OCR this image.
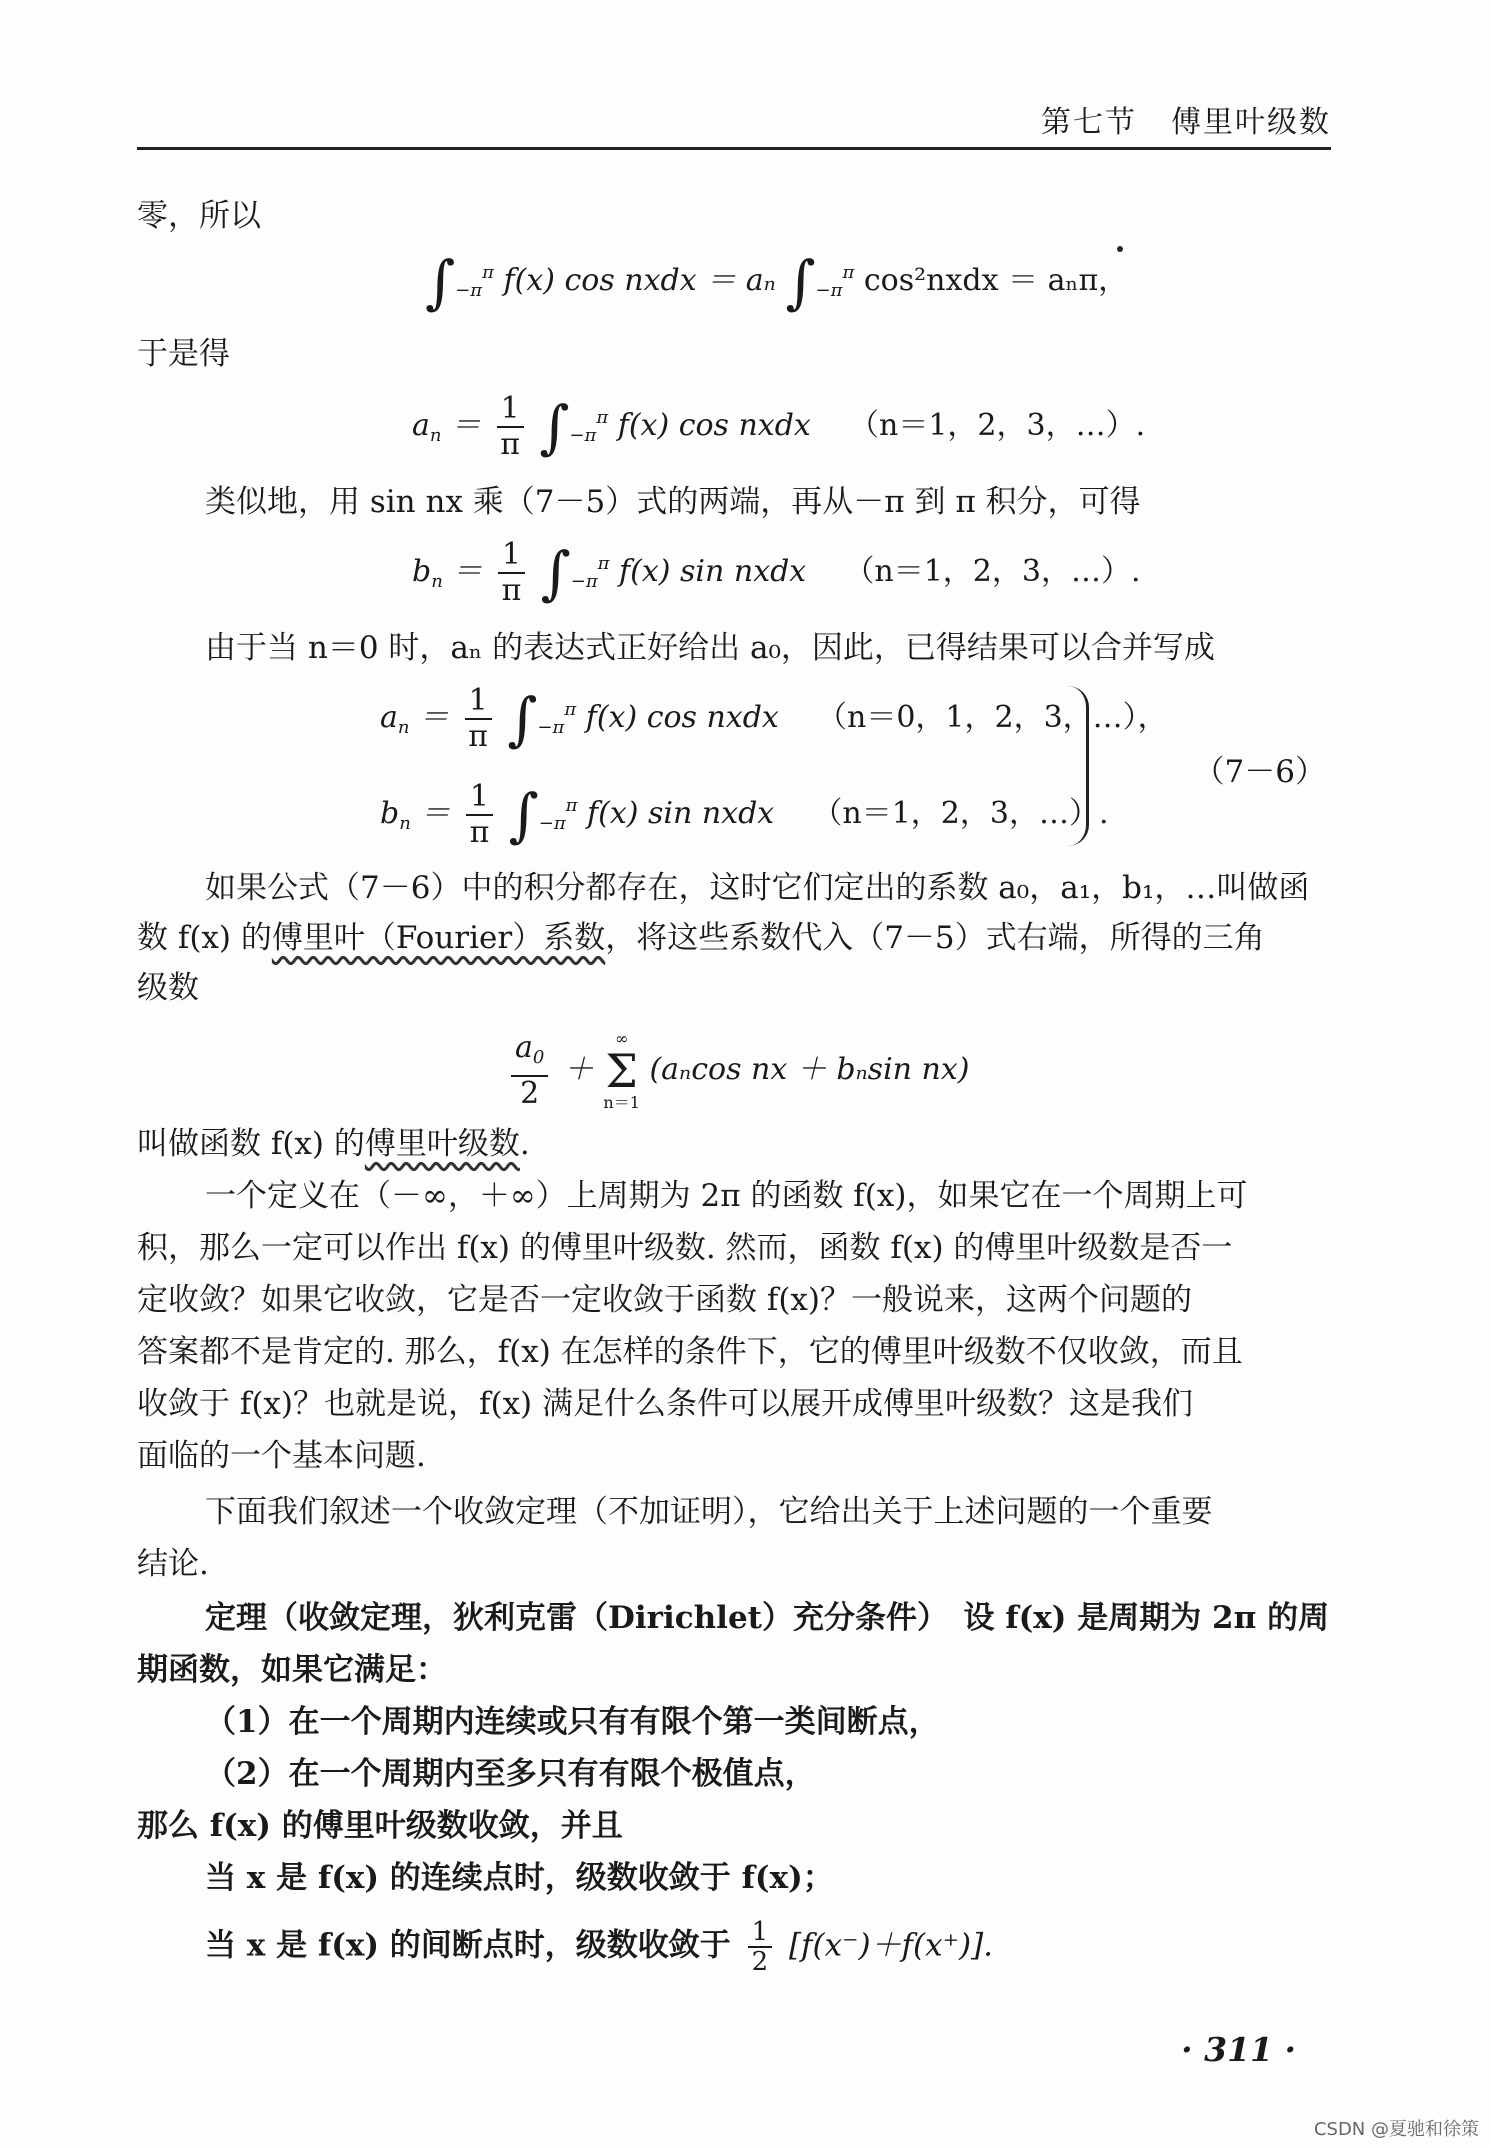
第七节 傅里叶级数
零，所以
$\int_{-\pi}^\pi$ f(x) cos nxdx ＝ aₙ $\int_{-\pi}^\pi$ cos²nxdx ＝ aₙπ，
于是得
$a_n = \frac{1}{\pi} \int_{-\pi}^\pi$ f(x) cos nxdx    （n＝1，2，3，…）.
类似地，用 sin nx 乘（7－5）式的两端，再从－π 到 π 积分，可得
$b_n = \frac{1}{\pi} \int_{-\pi}^\pi$ f(x) sin nxdx    （n＝1，2，3，…）.
由于当 n＝0 时，aₙ 的表达式正好给出 a₀，因此，已得结果可以合并写成
$a_n = \frac{1}{\pi} \int_{-\pi}^\pi$ f(x) cos nxdx    （n＝0，1，2，3，…），
$b_n = \frac{1}{\pi} \int_{-\pi}^\pi$ f(x) sin nxdx    （n＝1，2，3，…）.
（7－6）
如果公式（7－6）中的积分都存在，这时它们定出的系数 a₀，a₁，b₁，…叫做函
数 f(x) 的傅里叶（Fourier）系数，将这些系数代入（7－5）式右端，所得的三角
级数
$\frac{a_0}{2}$ ＋
∞
Σ
n＝1
(aₙcos nx ＋ bₙsin nx)
叫做函数 f(x) 的傅里叶级数.
一个定义在（－∞，＋∞）上周期为 2π 的函数 f(x)，如果它在一个周期上可
积，那么一定可以作出 f(x) 的傅里叶级数. 然而，函数 f(x) 的傅里叶级数是否一
定收敛？如果它收敛，它是否一定收敛于函数 f(x)？一般说来，这两个问题的
答案都不是肯定的. 那么，f(x) 在怎样的条件下，它的傅里叶级数不仅收敛，而且
收敛于 f(x)？也就是说，f(x) 满足什么条件可以展开成傅里叶级数？这是我们
面临的一个基本问题.
下面我们叙述一个收敛定理（不加证明），它给出关于上述问题的一个重要
结论.
定理（收敛定理，狄利克雷（Dirichlet）充分条件）　设 f(x) 是周期为 2π 的周
期函数，如果它满足：
（1）在一个周期内连续或只有有限个第一类间断点，
（2）在一个周期内至多只有有限个极值点，
那么 f(x) 的傅里叶级数收敛，并且
当 x 是 f(x) 的连续点时，级数收敛于 f(x)；
当 x 是 f(x) 的间断点时，级数收敛于 $\frac{1}{2} [f(x^-)+f(x^+)]$.
· 311 ·
CSDN @夏驰和徐策
